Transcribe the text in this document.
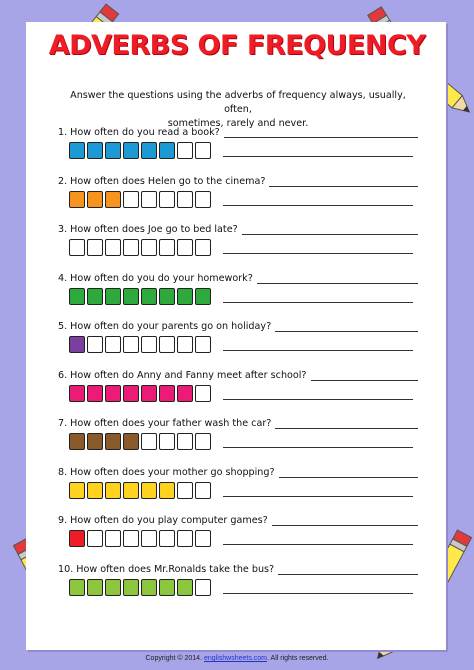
ADVERBS OF FREQUENCY
Answer the questions using the adverbs of frequency always, usually, often,
sometimes, rarely and never.
1. How often do you read a book?
2. How often does Helen go to the cinema?
3. How often does Joe go to bed late?
4. How often do you do your homework?
5. How often do your parents go on holiday?
6. How often do Anny and Fanny meet after school?
7. How often does your father wash the car?
8. How often does your mother go shopping?
9. How often do you play computer games?
10. How often does Mr.Ronalds take the bus?
Copyright © 2014. englishwsheets.com. All rights reserved.
